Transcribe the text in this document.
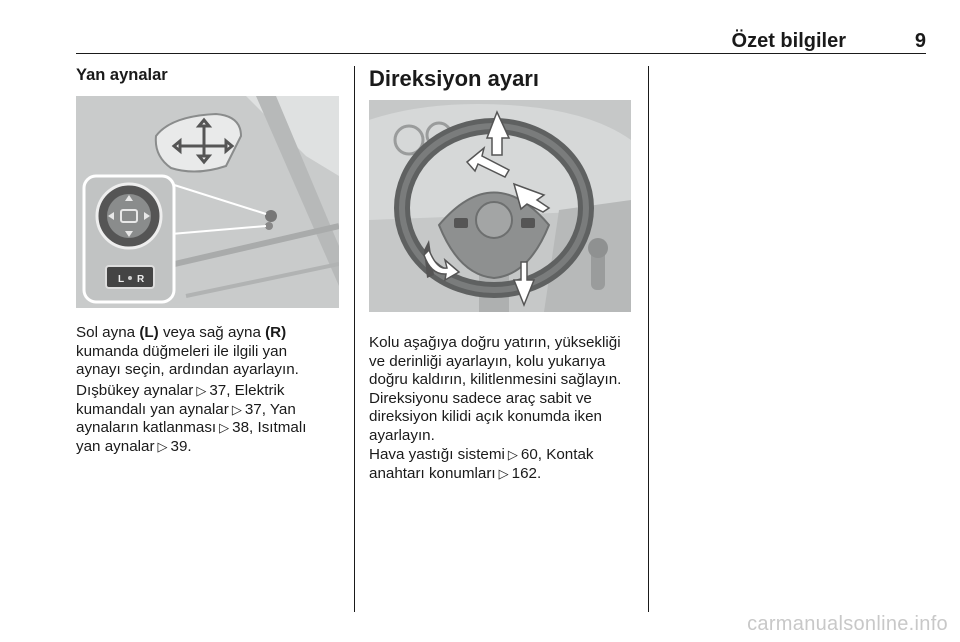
Özet bilgiler	9
Yan aynalar
L R

Sol ayna (L) veya sağ ayna (R)
kumanda düğmeleri ile ilgili yan
aynayı seçin, ardından ayarlayın.

Dışbükey aynalar ▷ 37, Elektrik
kumandalı yan aynalar ▷ 37, Yan
aynaların katlanması ▷ 38, Isıtmalı
yan aynalar ▷ 39.

Direksiyon ayarı

Kolu aşağıya doğru yatırın, yüksekliği
ve derinliği ayarlayın, kolu yukarıya
doğru kaldırın, kilitlenmesini sağlayın.
Direksiyonu sadece araç sabit ve
direksiyon kilidi açık konumda iken
ayarlayın.

Hava yastığı sistemi ▷ 60, Kontak
anahtarı konumları ▷ 162.

carmanualsonline.info
